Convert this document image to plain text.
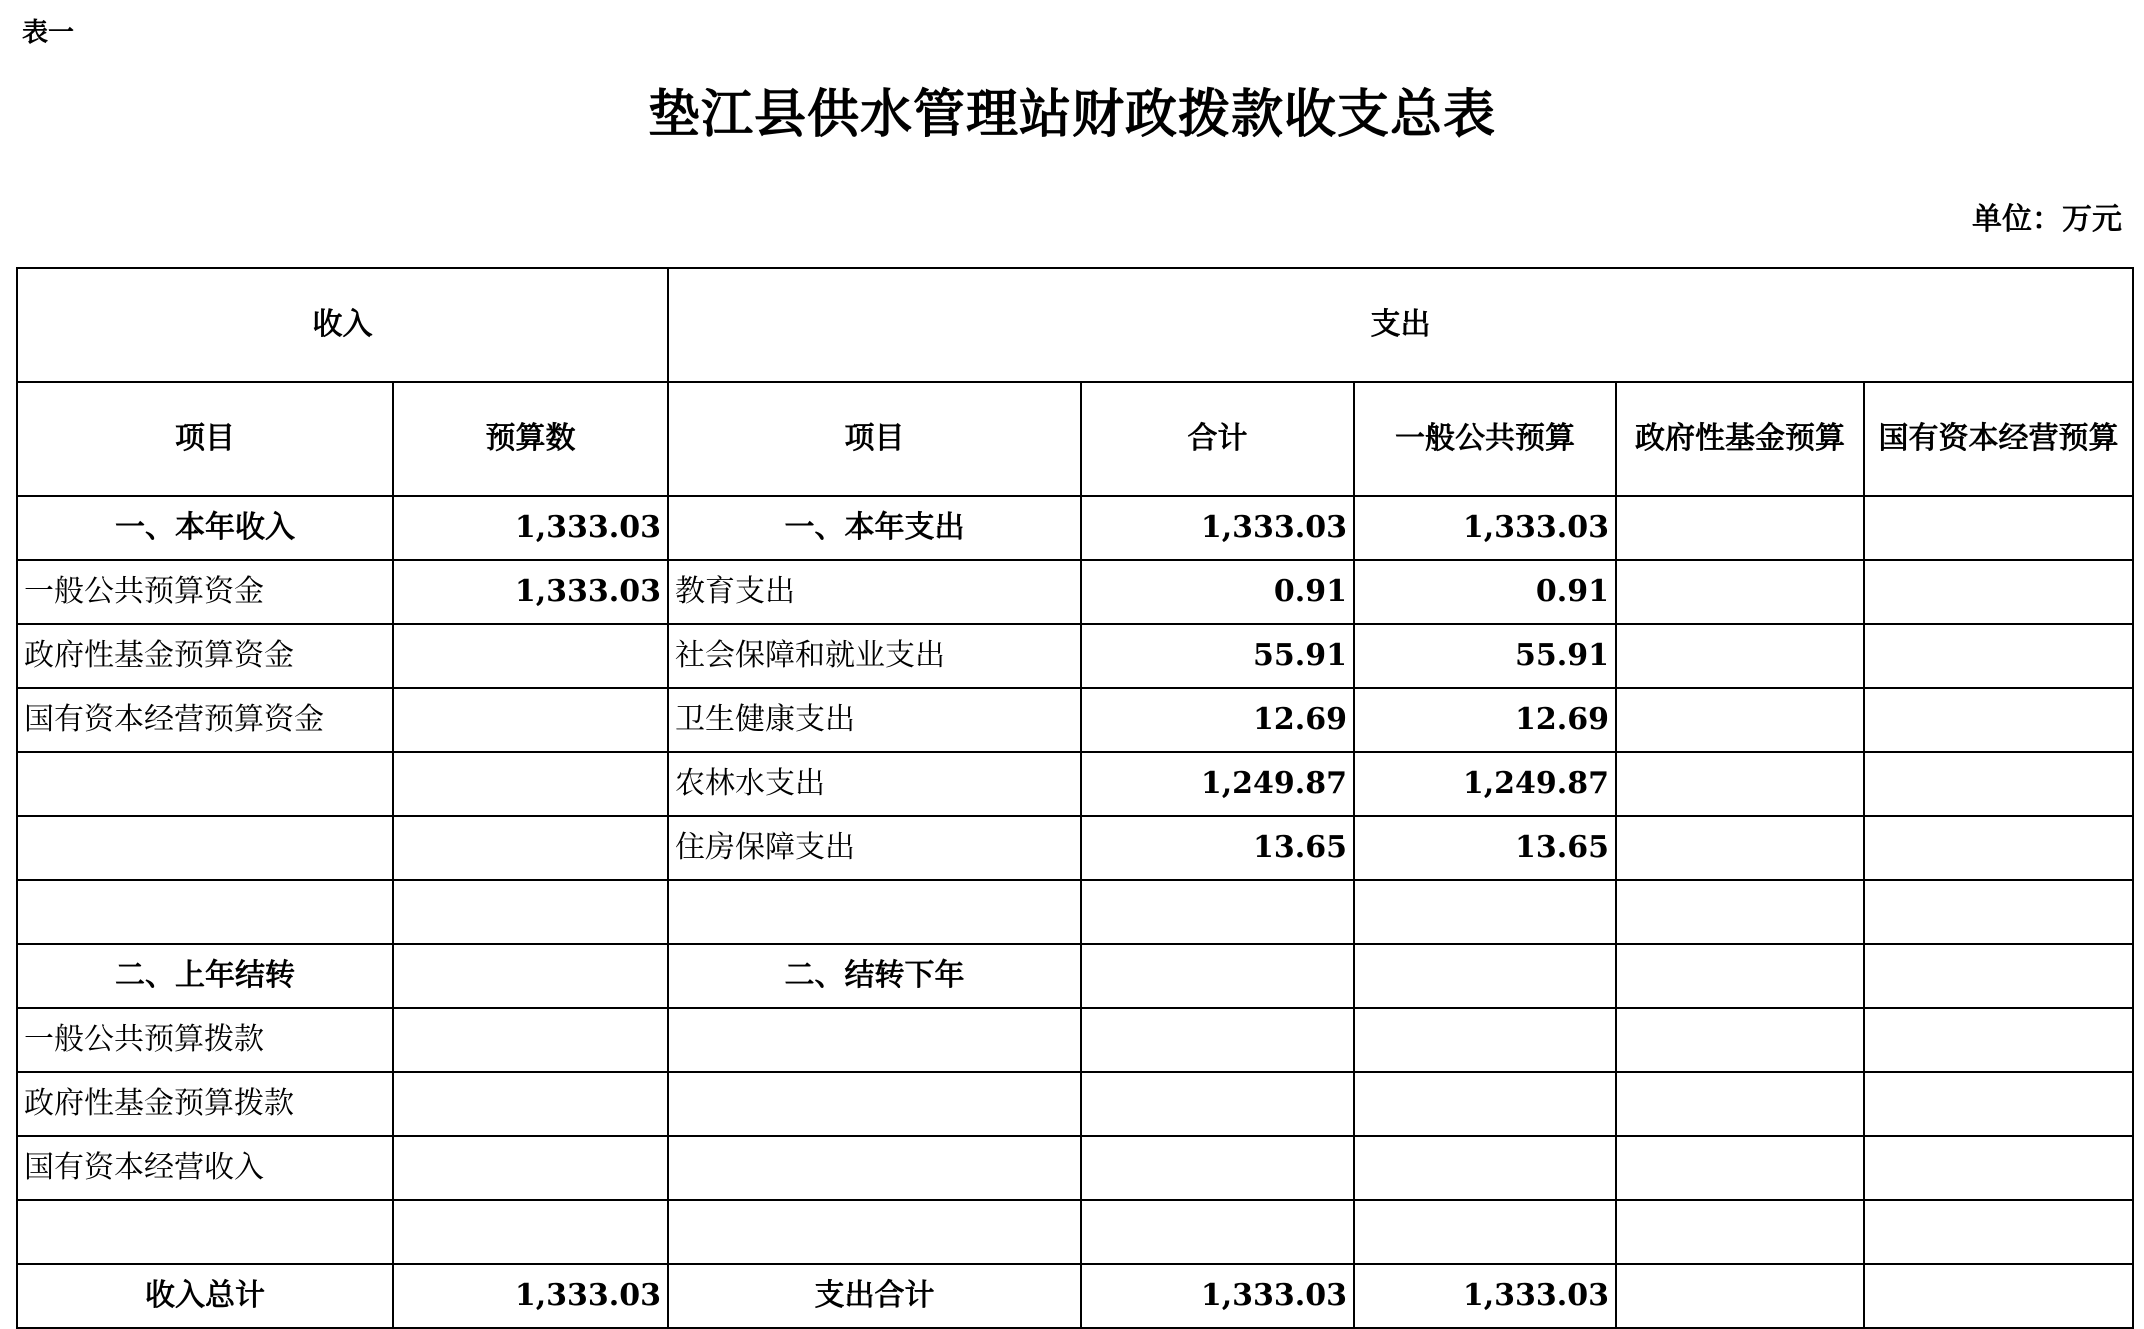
表一
垫江县供水管理站财政拨款收支总表
单位：万元
收入		支出				
项目	预算数	项目	合计	一般公共预算	政府性基金预算	国有资本经营预算
一、本年收入	1,333.03	一、本年支出	1,333.03	1,333.03		
一般公共预算资金	1,333.03	教育支出	0.91	0.91		
政府性基金预算资金		社会保障和就业支出	55.91	55.91		
国有资本经营预算资金		卫生健康支出	12.69	12.69		
		农林水支出	1,249.87	1,249.87		
		住房保障支出	13.65	13.65		

二、上年结转		二、结转下年				
一般公共预算拨款						
政府性基金预算拨款						
国有资本经营收入						

收入总计	1,333.03	支出合计	1,333.03	1,333.03		
